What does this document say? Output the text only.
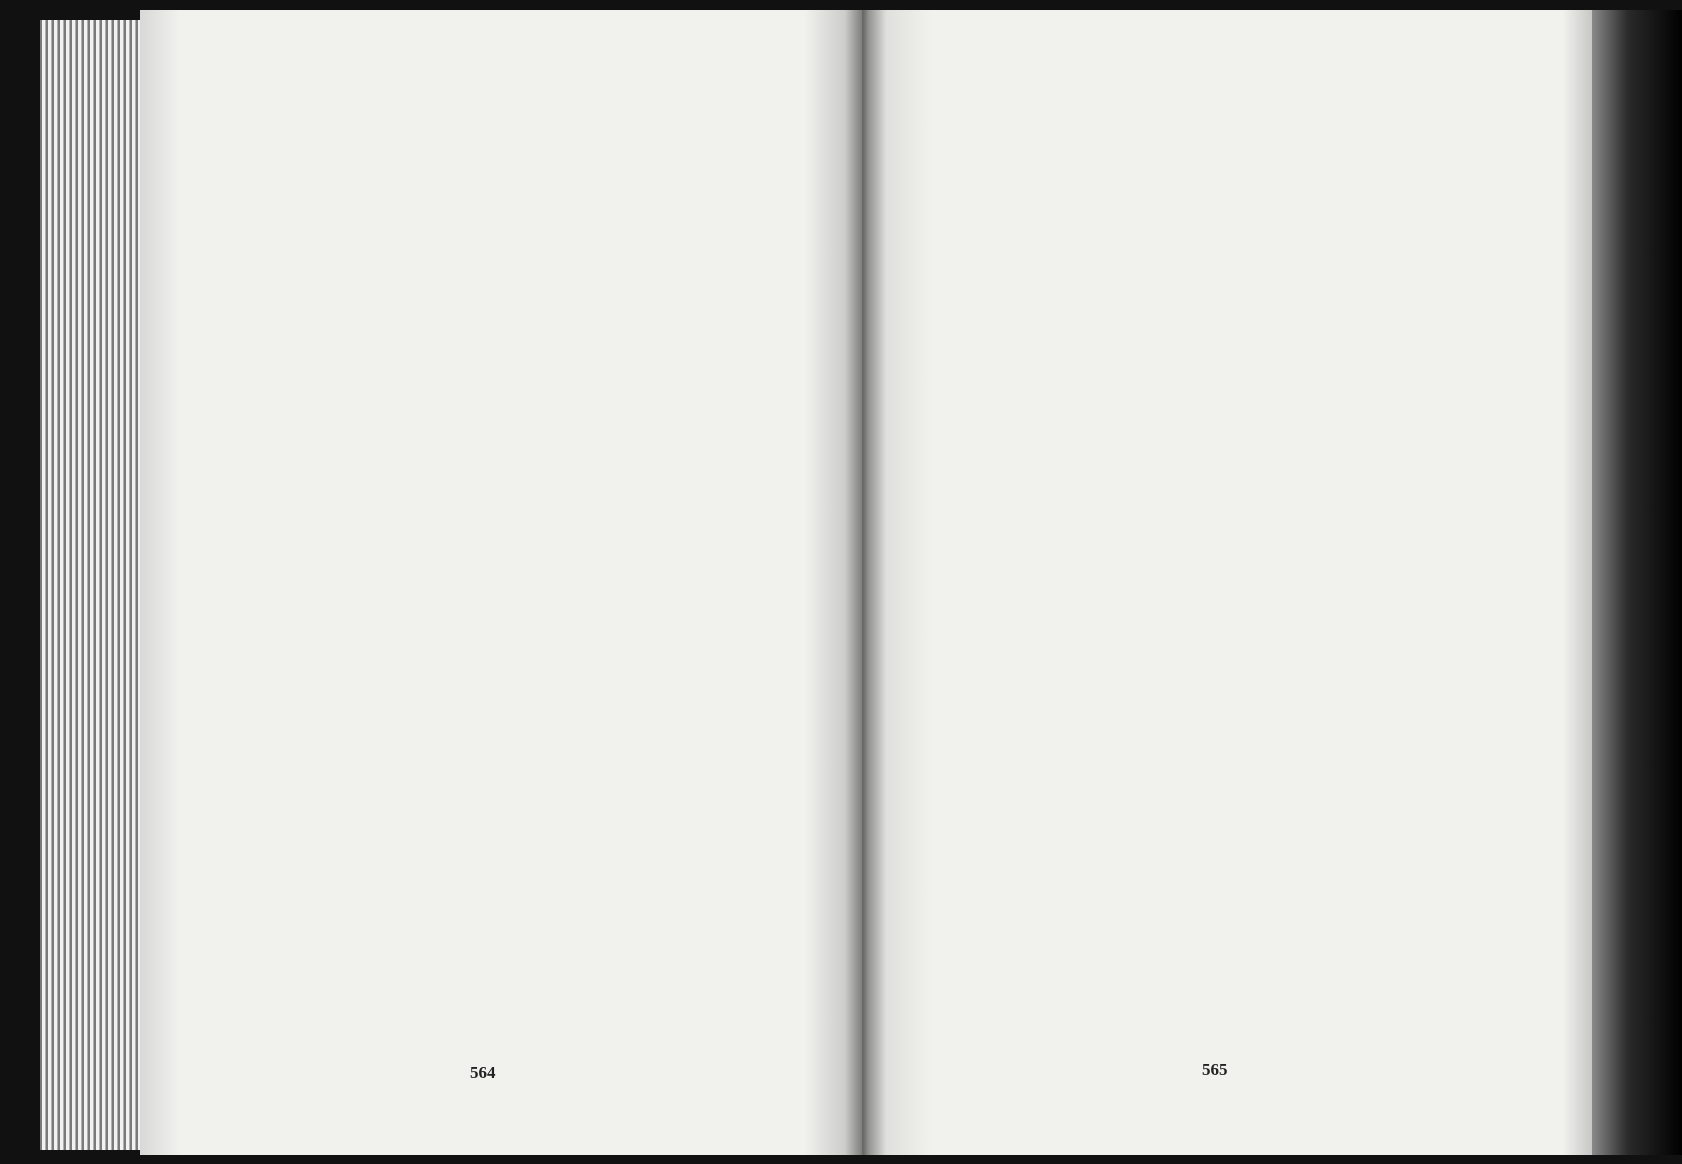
564	565
